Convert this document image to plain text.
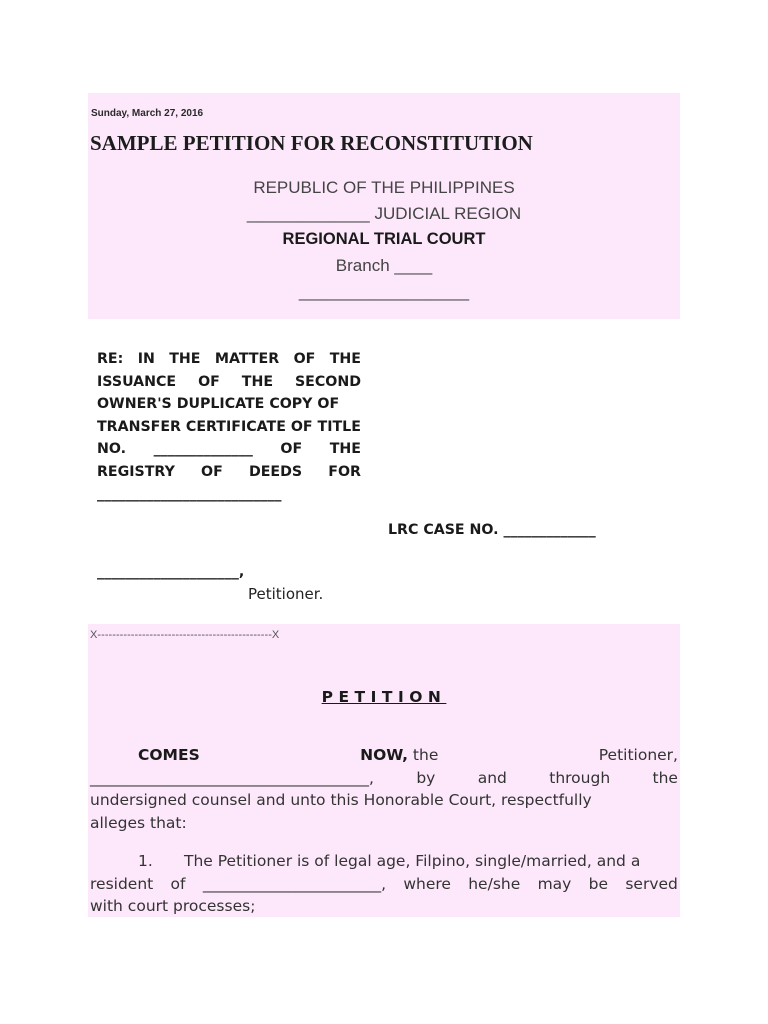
Sunday, March 27, 2016
SAMPLE PETITION FOR RECONSTITUTION
REPUBLIC OF THE PHILIPPINES
_____________ JUDICIAL REGION
REGIONAL TRIAL COURT
Branch ____
__________________
RE: IN THE MATTER OF THE
ISSUANCE OF THE SECOND
OWNER'S DUPLICATE COPY OF
TRANSFER CERTIFICATE OF TITLE
NO. ______________ OF THE
REGISTRY OF DEEDS FOR
__________________________
LRC CASE NO. _____________
____________________,
Petitioner.
X-----------------------------------------------X
PETITION
COMES	NOW, the	Petitioner,
____________________________________,	by	and	through	the
undersigned counsel and unto this Honorable Court, respectfully
alleges that:
1. The Petitioner is of legal age, Filpino, single/married, and a
resident of _______________________, where he/she may be served
with court processes;
